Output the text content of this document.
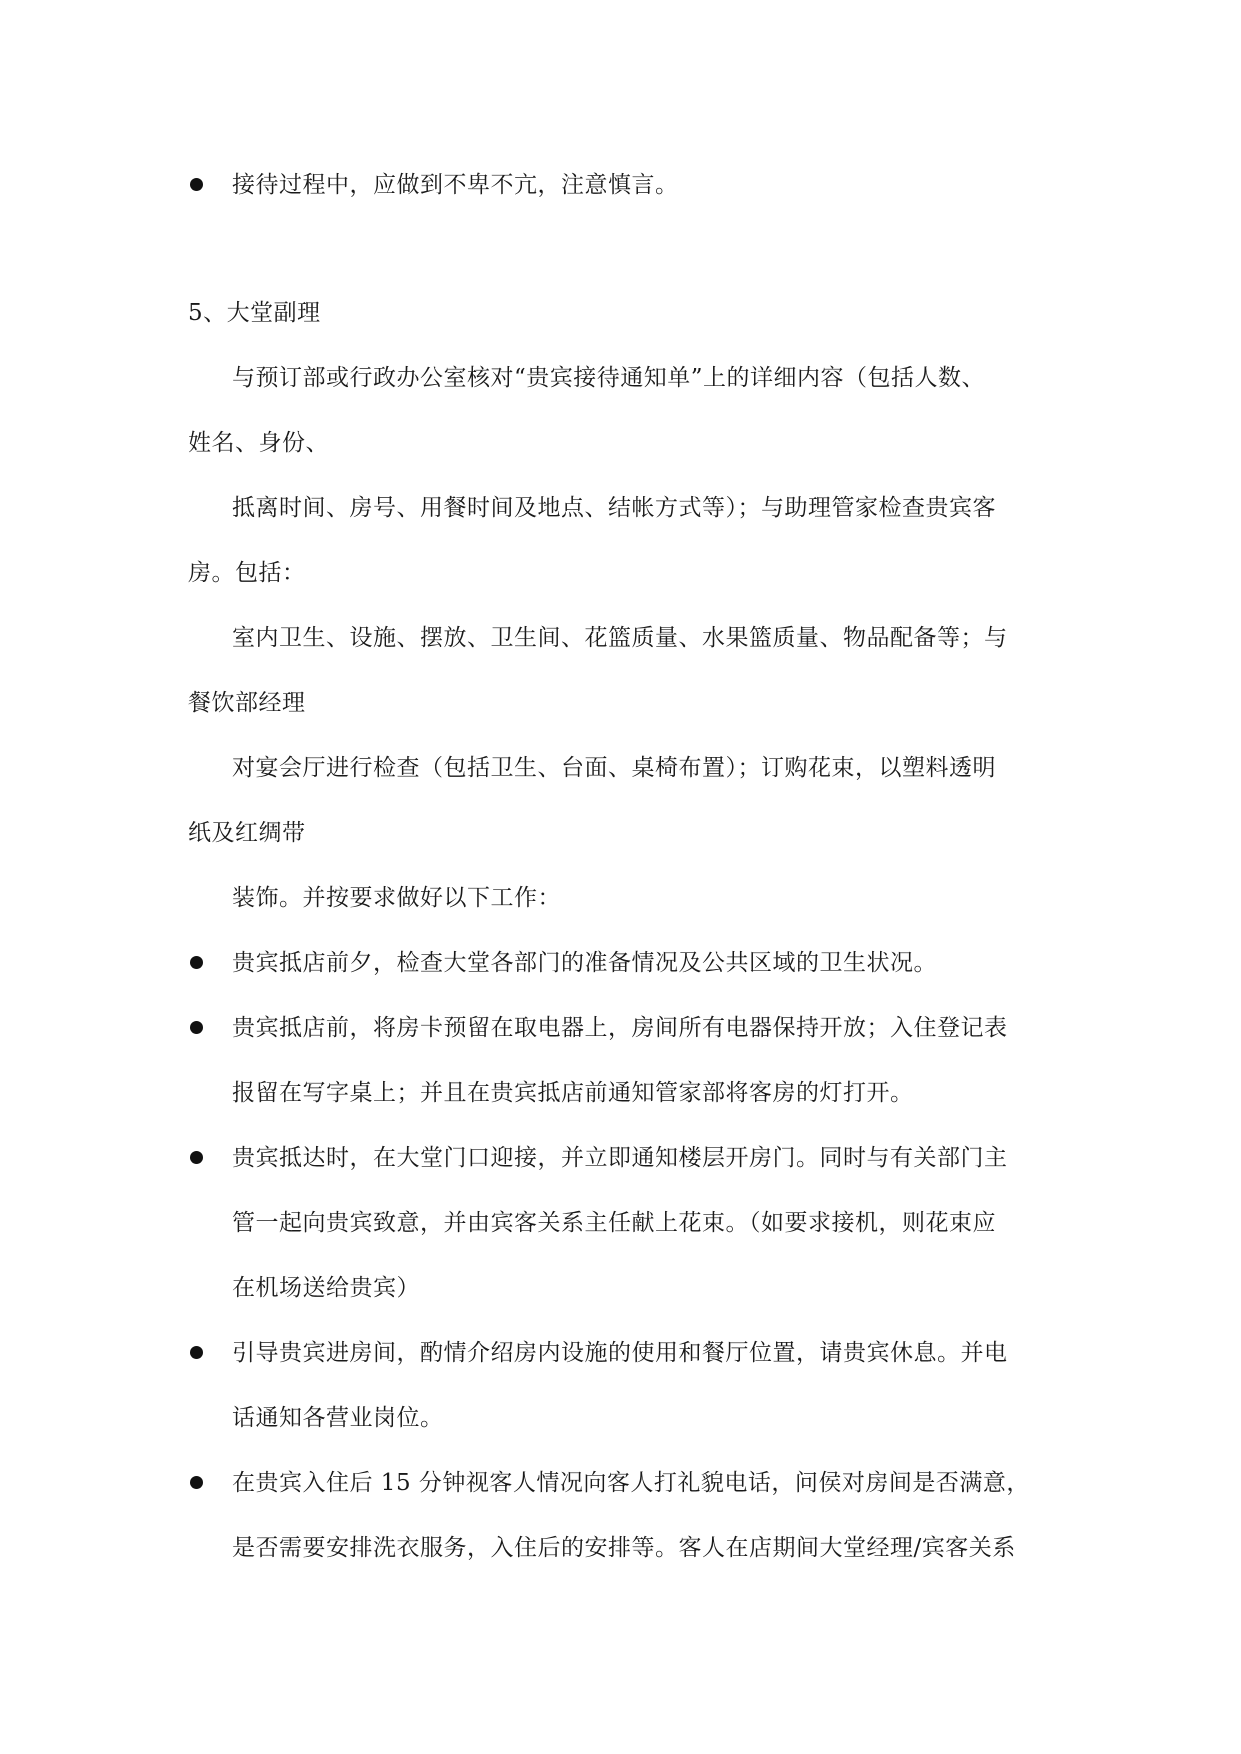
接待过程中，应做到不卑不亢，注意慎言。
5、大堂副理
与预订部或行政办公室核对“贵宾接待通知单”上的详细内容（包括人数、
姓名、身份、
抵离时间、房号、用餐时间及地点、结帐方式等）；与助理管家检查贵宾客
房。包括：
室内卫生、设施、摆放、卫生间、花篮质量、水果篮质量、物品配备等；与
餐饮部经理
对宴会厅进行检查（包括卫生、台面、桌椅布置）；订购花束，以塑料透明
纸及红绸带
装饰。并按要求做好以下工作：
贵宾抵店前夕，检查大堂各部门的准备情况及公共区域的卫生状况。
贵宾抵店前，将房卡预留在取电器上，房间所有电器保持开放；入住登记表
报留在写字桌上；并且在贵宾抵店前通知管家部将客房的灯打开。
贵宾抵达时，在大堂门口迎接，并立即通知楼层开房门。同时与有关部门主
管一起向贵宾致意，并由宾客关系主任献上花束。（如要求接机，则花束应
在机场送给贵宾）
引导贵宾进房间，酌情介绍房内设施的使用和餐厅位置，请贵宾休息。并电
话通知各营业岗位。
在贵宾入住后 15 分钟视客人情况向客人打礼貌电话，问侯对房间是否满意，
是否需要安排洗衣服务，入住后的安排等。客人在店期间大堂经理/宾客关系
